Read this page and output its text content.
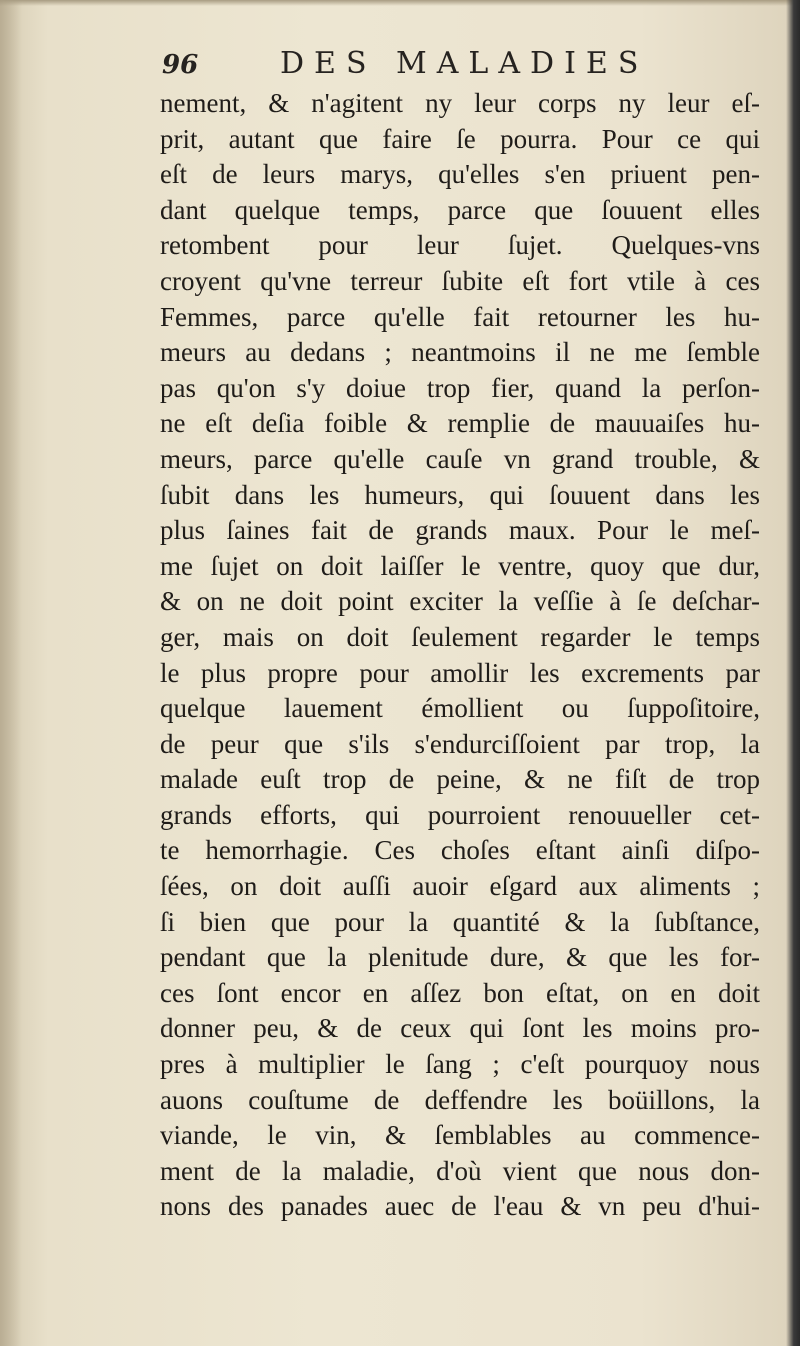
96	DES MALADIES
nement, & n'agitent ny leur corps ny leur eſ-
prit, autant que faire ſe pourra. Pour ce qui
eſt de leurs marys, qu'elles s'en priuent pen-
dant quelque temps, parce que ſouuent elles
retombent pour leur ſujet. Quelques-vns
croyent qu'vne terreur ſubite eſt fort vtile à ces
Femmes, parce qu'elle fait retourner les hu-
meurs au dedans ; neantmoins il ne me ſemble
pas qu'on s'y doiue trop fier, quand la perſon-
ne eſt deſia foible & remplie de mauuaiſes hu-
meurs, parce qu'elle cauſe vn grand trouble, &
ſubit dans les humeurs, qui ſouuent dans les
plus ſaines fait de grands maux. Pour le meſ-
me ſujet on doit laiſſer le ventre, quoy que dur,
& on ne doit point exciter la veſſie à ſe deſchar-
ger, mais on doit ſeulement regarder le temps
le plus propre pour amollir les excrements par
quelque lauement émollient ou ſuppoſitoire,
de peur que s'ils s'endurciſſoient par trop, la
malade euſt trop de peine, & ne fiſt de trop
grands efforts, qui pourroient renouueller cet-
te hemorrhagie. Ces choſes eſtant ainſi diſpo-
ſées, on doit auſſi auoir eſgard aux aliments ;
ſi bien que pour la quantité & la ſubſtance,
pendant que la plenitude dure, & que les for-
ces ſont encor en aſſez bon eſtat, on en doit
donner peu, & de ceux qui ſont les moins pro-
pres à multiplier le ſang ; c'eſt pourquoy nous
auons couſtume de deffendre les boüillons, la
viande, le vin, & ſemblables au commence-
ment de la maladie, d'où vient que nous don-
nons des panades auec de l'eau & vn peu d'hui-
